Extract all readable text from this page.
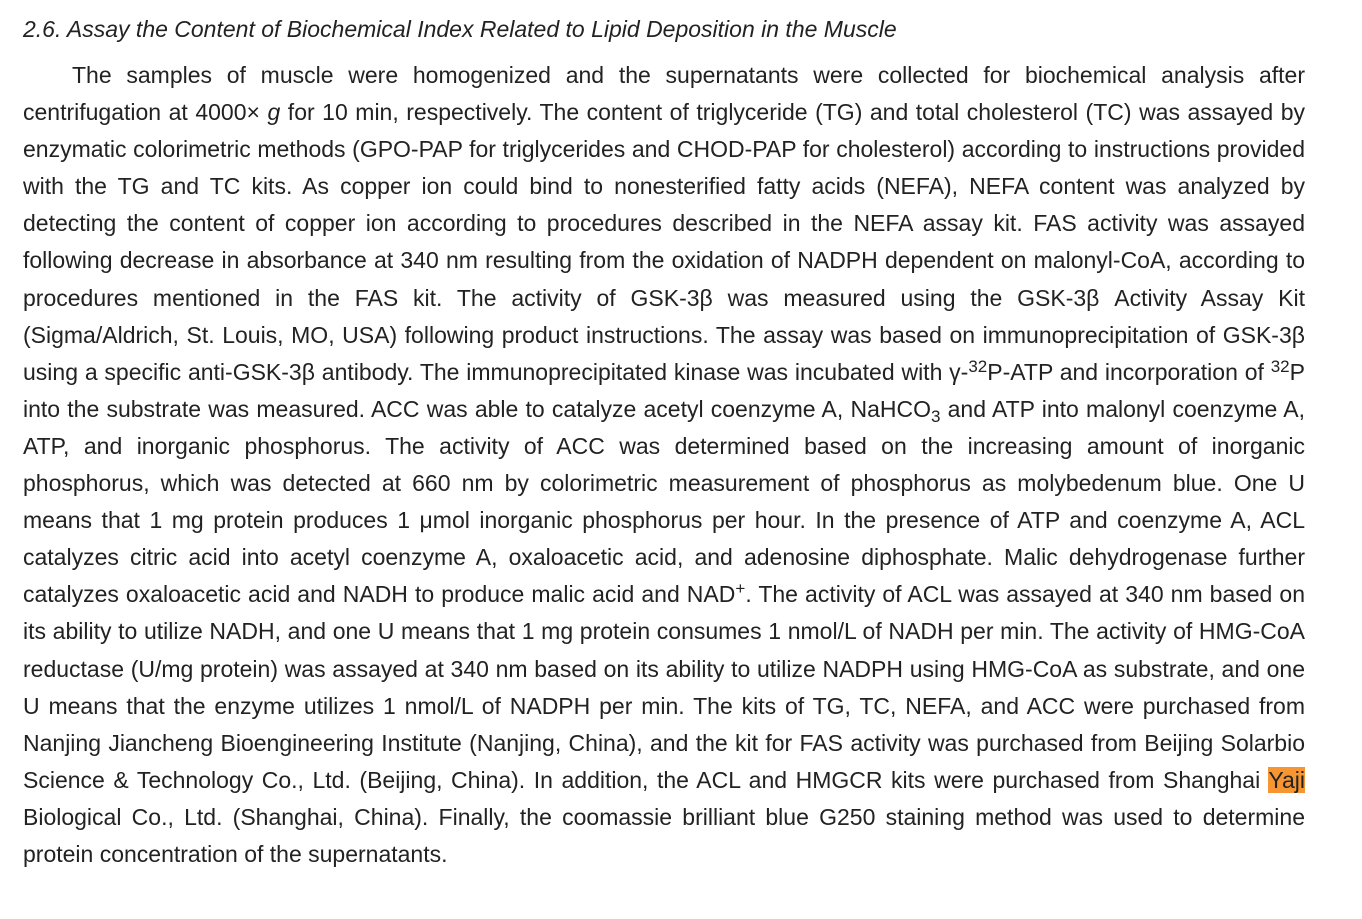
2.6. Assay the Content of Biochemical Index Related to Lipid Deposition in the Muscle

The samples of muscle were homogenized and the supernatants were collected for biochemical analysis after centrifugation at 4000× g for 10 min, respectively. The content of triglyceride (TG) and total cholesterol (TC) was assayed by enzymatic colorimetric methods (GPO-PAP for triglycerides and CHOD-PAP for cholesterol) according to instructions provided with the TG and TC kits. As copper ion could bind to nonesterified fatty acids (NEFA), NEFA content was analyzed by detecting the content of copper ion according to procedures described in the NEFA assay kit. FAS activity was assayed following decrease in absorbance at 340 nm resulting from the oxidation of NADPH dependent on malonyl-CoA, according to procedures mentioned in the FAS kit. The activity of GSK-3β was measured using the GSK-3β Activity Assay Kit (Sigma/Aldrich, St. Louis, MO, USA) following product instructions. The assay was based on immunoprecipitation of GSK-3β using a specific anti-GSK-3β antibody. The immunoprecipitated kinase was incubated with γ-$^{32}$P-ATP and incorporation of $^{32}$P into the substrate was measured. ACC was able to catalyze acetyl coenzyme A, NaHCO$_3$ and ATP into malonyl coenzyme A, ATP, and inorganic phosphorus. The activity of ACC was determined based on the increasing amount of inorganic phosphorus, which was detected at 660 nm by colorimetric measurement of phosphorus as molybedenum blue. One U means that 1 mg protein produces 1 μmol inorganic phosphorus per hour. In the presence of ATP and coenzyme A, ACL catalyzes citric acid into acetyl coenzyme A, oxaloacetic acid, and adenosine diphosphate. Malic dehydrogenase further catalyzes oxaloacetic acid and NADH to produce malic acid and NAD+. The activity of ACL was assayed at 340 nm based on its ability to utilize NADH, and one U means that 1 mg protein consumes 1 nmol/L of NADH per min. The activity of HMG-CoA reductase (U/mg protein) was assayed at 340 nm based on its ability to utilize NADPH using HMG-CoA as substrate, and one U means that the enzyme utilizes 1 nmol/L of NADPH per min. The kits of TG, TC, NEFA, and ACC were purchased from Nanjing Jiancheng Bioengineering Institute (Nanjing, China), and the kit for FAS activity was purchased from Beijing Solarbio Science & Technology Co., Ltd. (Beijing, China). In addition, the ACL and HMGCR kits were purchased from Shanghai Yaji Biological Co., Ltd. (Shanghai, China). Finally, the coomassie brilliant blue G250 staining method was used to determine protein concentration of the supernatants.
